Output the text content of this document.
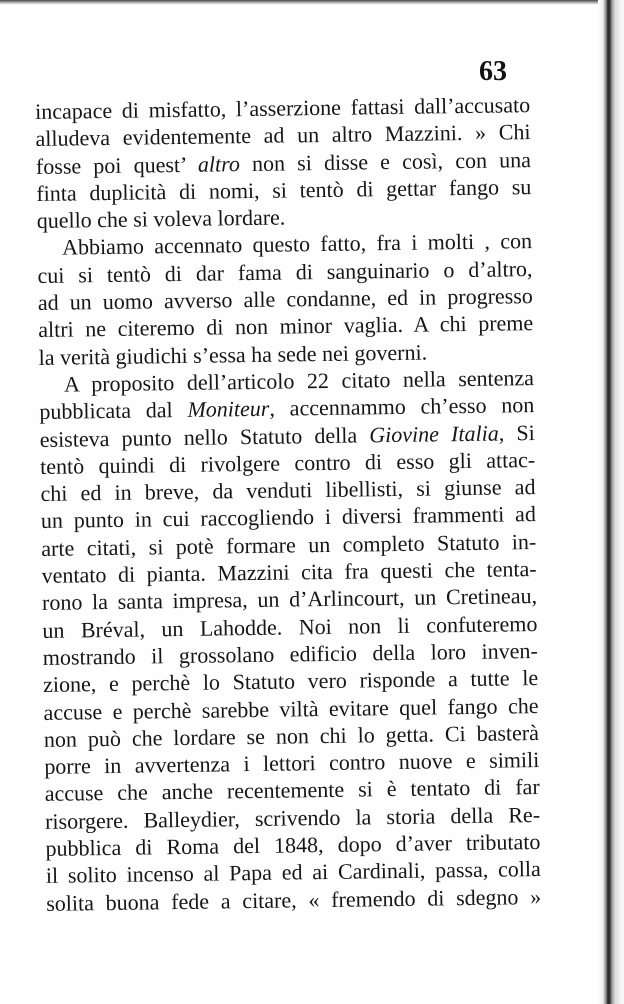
63
incapace di misfatto, l’asserzione fattasi dall’accusato
alludeva evidentemente ad un altro Mazzini. » Chi
fosse poi quest’ altro non si disse e così, con una
finta duplicità di nomi, si tentò di gettar fango su
quello che si voleva lordare.
Abbiamo accennato questo fatto, fra i molti , con
cui si tentò di dar fama di sanguinario o d’altro,
ad un uomo avverso alle condanne, ed in progresso
altri ne citeremo di non minor vaglia. A chi preme
la verità giudichi s’essa ha sede nei governi.
A proposito dell’articolo 22 citato nella sentenza
pubblicata dal Moniteur, accennammo ch’esso non
esisteva punto nello Statuto della Giovine Italia, Si
tentò quindi di rivolgere contro di esso gli attac-
chi ed in breve, da venduti libellisti, si giunse ad
un punto in cui raccogliendo i diversi frammenti ad
arte citati, si potè formare un completo Statuto in-
ventato di pianta. Mazzini cita fra questi che tenta-
rono la santa impresa, un d’Arlincourt, un Cretineau,
un Bréval, un Lahodde. Noi non li confuteremo
mostrando il grossolano edificio della loro inven-
zione, e perchè lo Statuto vero risponde a tutte le
accuse e perchè sarebbe viltà evitare quel fango che
non può che lordare se non chi lo getta. Ci basterà
porre in avvertenza i lettori contro nuove e simili
accuse che anche recentemente si è tentato di far
risorgere. Balleydier, scrivendo la storia della Re-
pubblica di Roma del 1848, dopo d’aver tributato
il solito incenso al Papa ed ai Cardinali, passa, colla
solita buona fede a citare, « fremendo di sdegno »
